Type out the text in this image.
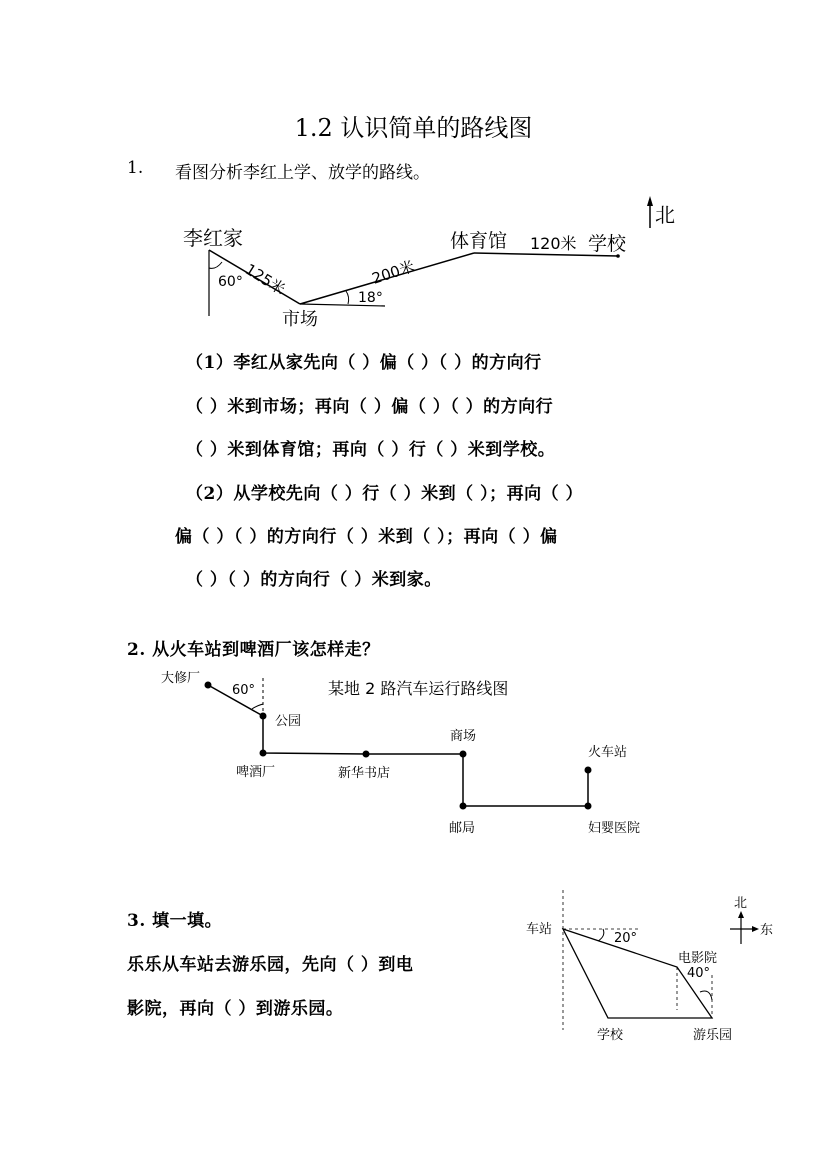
1.2 认识简单的路线图
1. 看图分析李红上学、放学的路线。
北
李红家
60° 125米
市场
18°
200米
体育馆 120米 学校
（1）李红从家先向（ ）偏（ ）（ ）的方向行
（ ）米到市场；再向（ ）偏（ ）（ ）的方向行
（ ）米到体育馆；再向（ ）行（ ）米到学校。
（2）从学校先向（ ）行（ ）米到（ ）；再向（ ）
偏（ ）（ ）的方向行（ ）米到（ ）；再向（ ）偏
（ ）（ ）的方向行（ ）米到家。
2. 从火车站到啤酒厂该怎样走？
某地 2 路汽车运行路线图
60°
大修厂
公园
啤酒厂	新华书店
商场
邮局	妇婴医院
火车站
3. 填一填。
乐乐从车站去游乐园，先向（ ）到电
影院，再向（ ）到游乐园。
北
东
车站
20°
电影院
40°
学校	游乐园
